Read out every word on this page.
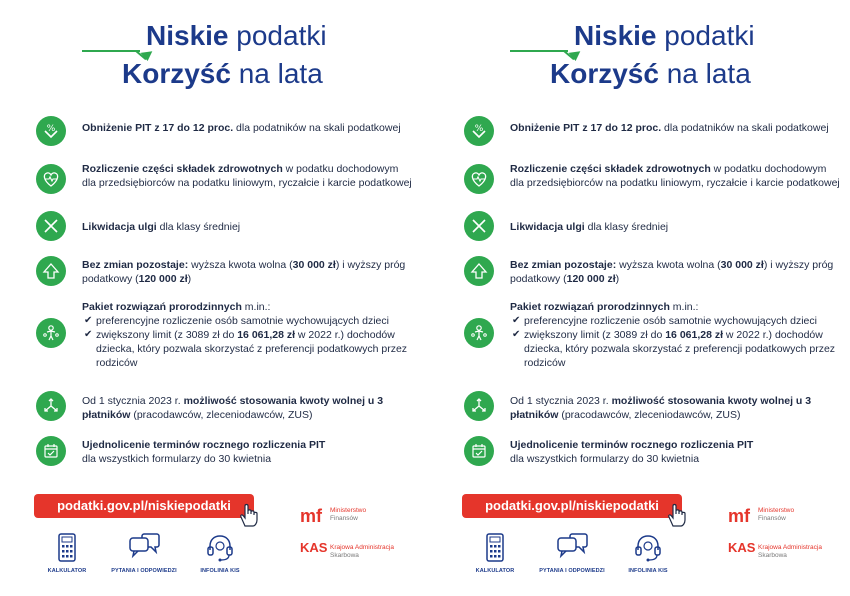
Niskie podatki
Korzyść na lata
%	Obniżenie PIT z 17 do 12 proc. dla podatników na skali podatkowej
Rozliczenie części składek zdrowotnych w podatku dochodowym dla przedsiębiorców na podatku liniowym, ryczałcie i karcie podatkowej
Likwidacja ulgi dla klasy średniej
Bez zmian pozostaje: wyższa kwota wolna (30 000 zł) i wyższy próg podatkowy (120 000 zł)
Pakiet rozwiązań prorodzinnych m.in.:
✔ preferencyjne rozliczenie osób samotnie wychowujących dzieci
✔ zwiększony limit (z 3089 zł do 16 061,28 zł w 2022 r.) dochodów dziecka, który pozwala skorzystać z preferencji podatkowych przez rodziców
Od 1 stycznia 2023 r. możliwość stosowania kwoty wolnej u 3 płatników (pracodawców, zleceniodawców, ZUS)
Ujednolicenie terminów rocznego rozliczenia PIT
dla wszystkich formularzy do 30 kwietnia
podatki.gov.pl/niskiepodatki
KALKULATOR	PYTANIA I ODPOWIEDZI	INFOLINIA KIS
mf Ministerstwo
Finansów
KAS Krajowa Administracja
Skarbowa
Niskie podatki
Korzyść na lata
%	Obniżenie PIT z 17 do 12 proc. dla podatników na skali podatkowej
Rozliczenie części składek zdrowotnych w podatku dochodowym dla przedsiębiorców na podatku liniowym, ryczałcie i karcie podatkowej
Likwidacja ulgi dla klasy średniej
Bez zmian pozostaje: wyższa kwota wolna (30 000 zł) i wyższy próg podatkowy (120 000 zł)
Pakiet rozwiązań prorodzinnych m.in.:
✔ preferencyjne rozliczenie osób samotnie wychowujących dzieci
✔ zwiększony limit (z 3089 zł do 16 061,28 zł w 2022 r.) dochodów dziecka, który pozwala skorzystać z preferencji podatkowych przez rodziców
Od 1 stycznia 2023 r. możliwość stosowania kwoty wolnej u 3 płatników (pracodawców, zleceniodawców, ZUS)
Ujednolicenie terminów rocznego rozliczenia PIT
dla wszystkich formularzy do 30 kwietnia
podatki.gov.pl/niskiepodatki
KALKULATOR	PYTANIA I ODPOWIEDZI	INFOLINIA KIS
mf Ministerstwo
Finansów
KAS Krajowa Administracja
Skarbowa
